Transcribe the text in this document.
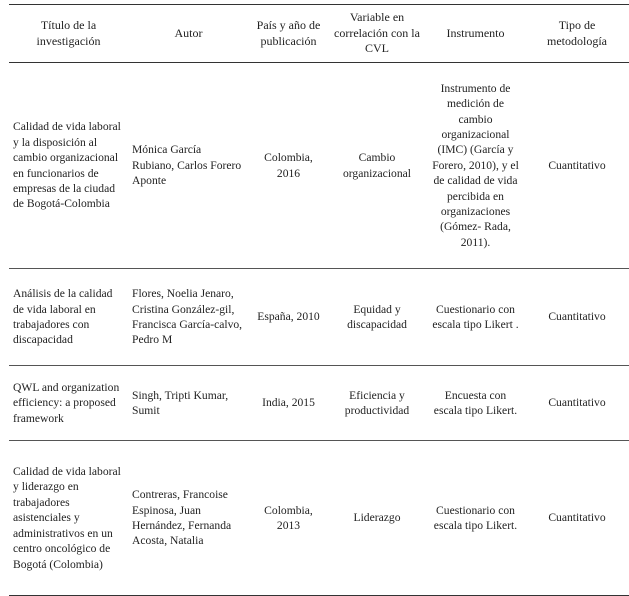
Título de la investigación	Autor	País y año de publicación	Variable en correlación con la CVL	Instrumento	Tipo de metodología
Calidad de vida laboral y la disposición al cambio organizacional en funcionarios de empresas de la ciudad de Bogotá-Colombia	Mónica García Rubiano, Carlos Forero Aponte	Colombia, 2016	Cambio organizacional	Instrumento de medición de cambio organizacional (IMC) (García y Forero, 2010), y el de calidad de vida percibida en organizaciones (Gómez- Rada, 2011).	Cuantitativo
Análisis de la calidad de vida laboral en trabajadores con discapacidad	Flores, Noelia Jenaro, Cristina González-gil, Francisca García-calvo, Pedro M	España, 2010	Equidad y discapacidad	Cuestionario con escala tipo Likert .	Cuantitativo
QWL and organization efficiency: a proposed framework	Singh, Tripti Kumar, Sumit	India, 2015	Eficiencia y productividad	Encuesta con escala tipo Likert.	Cuantitativo
Calidad de vida laboral y liderazgo en trabajadores asistenciales y administrativos en un centro oncológico de Bogotá (Colombia)	Contreras, Francoise Espinosa, Juan Hernández, Fernanda Acosta, Natalia	Colombia, 2013	Liderazgo	Cuestionario con escala tipo Likert.	Cuantitativo
